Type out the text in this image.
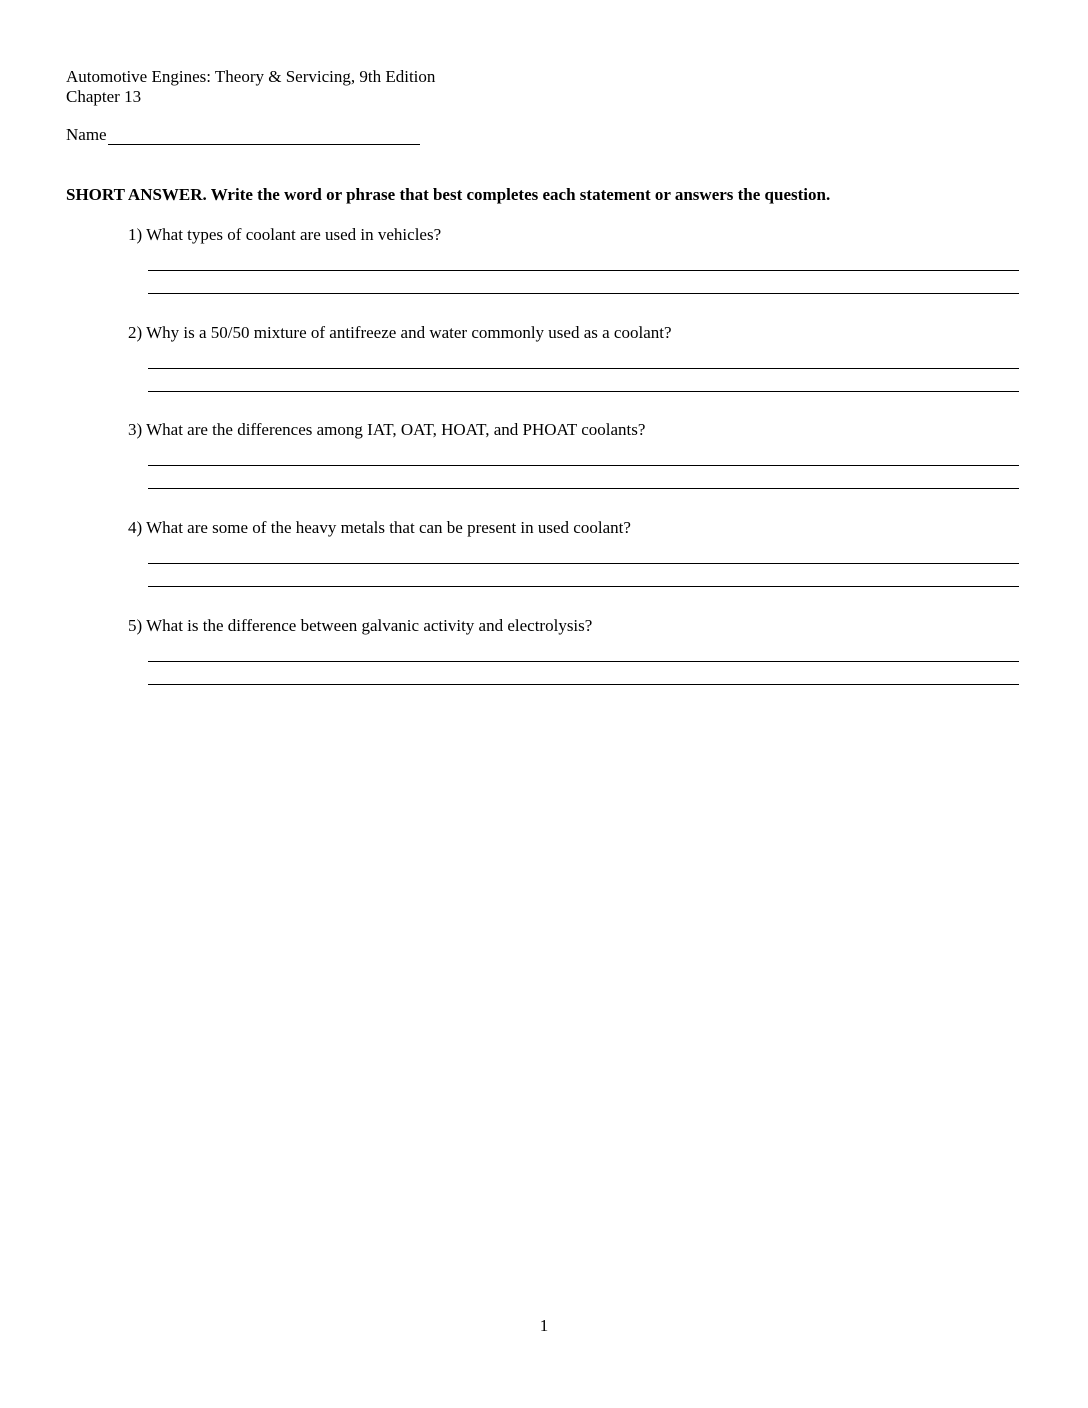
Automotive Engines: Theory & Servicing, 9th Edition
Chapter 13
Name
SHORT ANSWER. Write the word or phrase that best completes each statement or answers the question.
1) What types of coolant are used in vehicles?
2) Why is a 50/50 mixture of antifreeze and water commonly used as a coolant?
3) What are the differences among IAT, OAT, HOAT, and PHOAT coolants?
4) What are some of the heavy metals that can be present in used coolant?
5) What is the difference between galvanic activity and electrolysis?
1
